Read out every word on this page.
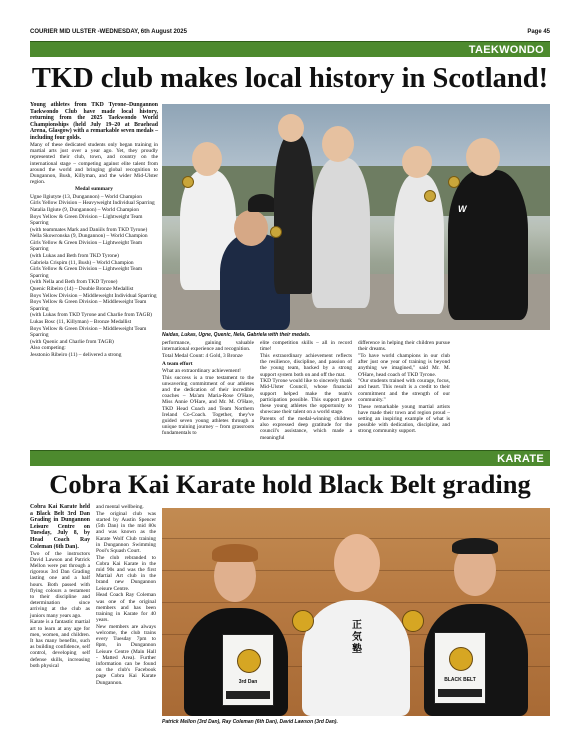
COURIER MID ULSTER -WEDNESDAY, 6th August 2025	Page 45
TAEKWONDO
TKD club makes local history in Scotland!

Young athletes from TKD Tyrone–Dungannon Taekwondo Club have made local history, returning from the 2025 Taekwondo World Championships (held July 19–20 at Braehead Arena, Glasgow) with a remarkable seven medals – including four golds.

Many of these dedicated students only began training in martial arts just over a year ago. Yet, they proudly represented their club, town, and country on the international stage – competing against elite talent from around the world and bringing global recognition to Dungannon, Bush, Killyman, and the wider Mid-Ulster region.

Medal summary

Ugne Ilgiutyte (13, Dungannon) – World Champion

Girls Yellow Division – Heavyweight Individual Sparring

Natalia Ilgiute (9, Dungannon) – World Champion

Boys Yellow & Green Division – Lightweight Team Sparring

(with teammates Mark and Daniils from TKD Tyrone)

Nella Skowronska (9, Dungannon) – World Champion

Girls Yellow & Green Division – Lightweight Team Sparring

(with Lukas and Beth from TKD Tyrone)

Gabriela Crispim (11, Bush) – World Champion

Girls Yellow & Green Division – Lightweight Team Sparring

(with Nella and Beth from TKD Tyrone)

Quenic Ribeiro (14) – Double Bronze Medallist

Boys Yellow Division – Middleweight Individual Sparring

Boys Yellow & Green Division – Middleweight Team Sparring

(with Lukas from TKD Tyrone and Charlie from TAGB)

Lukas Bosc (11, Killyman) – Bronze Medallist

Boys Yellow & Green Division – Middleweight Team Sparring

(with Quenic and Charlie from TAGB)

Also competing:

Jesstonio Ribeiro (11) – delivered a strong

W
Naidas, Lukas, Ugne, Quenic, Nela, Gabriela with their medals.

performance, gaining valuable international experience and recognition.

Total Medal Count: 4 Gold, 3 Bronze

A team effort

What an extraordinary achievement!

This success is a true testament to the unwavering commitment of our athletes and the dedication of their incredible coaches – Ma'am Maria-Rose O'Hare, Miss Annie O'Hare, and Mr. M. O'Hare, TKD Head Coach and Team Northern Ireland Co-Coach. Together, they've guided seven young athletes through a unique training journey – from grassroots fundamentals to

elite competition skills – all in record time!

This extraordinary achievement reflects the resilience, discipline, and passion of the young team, backed by a strong support system both on and off the mat.

TKD Tyrone would like to sincerely thank Mid-Ulster Council, whose financial support helped make the team's participation possible. This support gave these young athletes the opportunity to showcase their talent on a world stage.

Parents of the medal-winning children also expressed deep gratitude for the council's assistance, which made a meaningful

difference in helping their children pursue their dreams.

"To have world champions in our club after just one year of training is beyond anything we imagined," said Mr. M. O'Hare, head coach of TKD Tyrone.

"Our students trained with courage, focus, and heart. This result is a credit to their commitment and the strength of our community."

These remarkable young martial artists have made their town and region proud – setting an inspiring example of what is possible with dedication, discipline, and strong community support.

KARATE
Cobra Kai Karate hold Black Belt grading

Cobra Kai Karate held a Black Belt 3rd Dan Grading in Dungannon Leisure Centre on Tuesday, July 8, by Head Coach Ray Coleman (6th Dan).

Two of the instructors David Lawson and Patrick Mellon were put through a rigorous 3rd Dan Grading lasting one and a half hours. Both passed with flying colours a testament to their discipline and determination since arriving at the club as juniors many years ago.

Karate is a fantastic martial art to learn at any age for men, women, and children. It has many benefits, such as building confidence, self control, developing self defense skills, increasing both physical

and mental wellbeing.

The original club was started by Austin Spencer (5th Dan) in the mid 80s and was known as the Karate Wolf Club training in Dungannon Swimming Pool's Squash Court.

The club rebranded to Cobra Kai Karate in the mid 90s and was the first Martial Art club in the brand new Dungannon Leisure Centre.

Head Coach Ray Coleman was one of the original members and has been training in Karate for 40 years.

New members are always welcome, the club trains every Tuesday 7pm to 8pm, in Dungannon Leisure Centre (Main Hall - Matted Area). Further information can be found on the club's Facebook page Cobra Kai Karate Dungannon.

正
気
塾
3rd Dan	BLACK BELT
Patrick Mellon (3rd Dan), Ray Coleman (6th Dan), David Lawson (3rd Dan).
